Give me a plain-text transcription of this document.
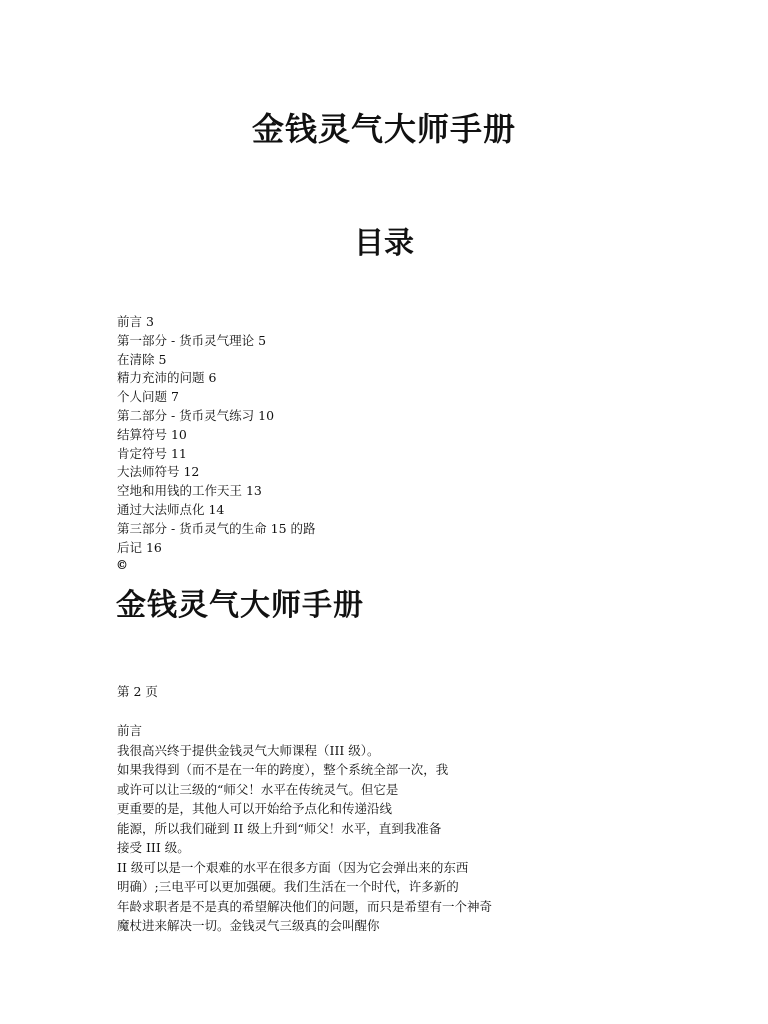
金钱灵气大师手册
目录
前言 3
第一部分 - 货币灵气理论 5
在清除 5
精力充沛的问题 6
个人问题 7
第二部分 - 货币灵气练习 10
结算符号 10
肯定符号 11
大法师符号 12
空地和用钱的工作天王 13
通过大法师点化 14
第三部分 - 货币灵气的生命 15 的路
后记 16
©
金钱灵气大师手册
第 2 页
前言
我很高兴终于提供金钱灵气大师课程（III 级）。
如果我得到（而不是在一年的跨度），整个系统全部一次，我
或许可以让三级的“师父！水平在传统灵气。但它是
更重要的是，其他人可以开始给予点化和传递沿线
能源，所以我们碰到 II 级上升到“师父！水平，直到我准备
接受 III 级。
II 级可以是一个艰难的水平在很多方面（因为它会弹出来的东西
明确）;三电平可以更加强硬。我们生活在一个时代，许多新的
年龄求职者是不是真的希望解决他们的问题，而只是希望有一个神奇
魔杖进来解决一切。金钱灵气三级真的会叫醒你
